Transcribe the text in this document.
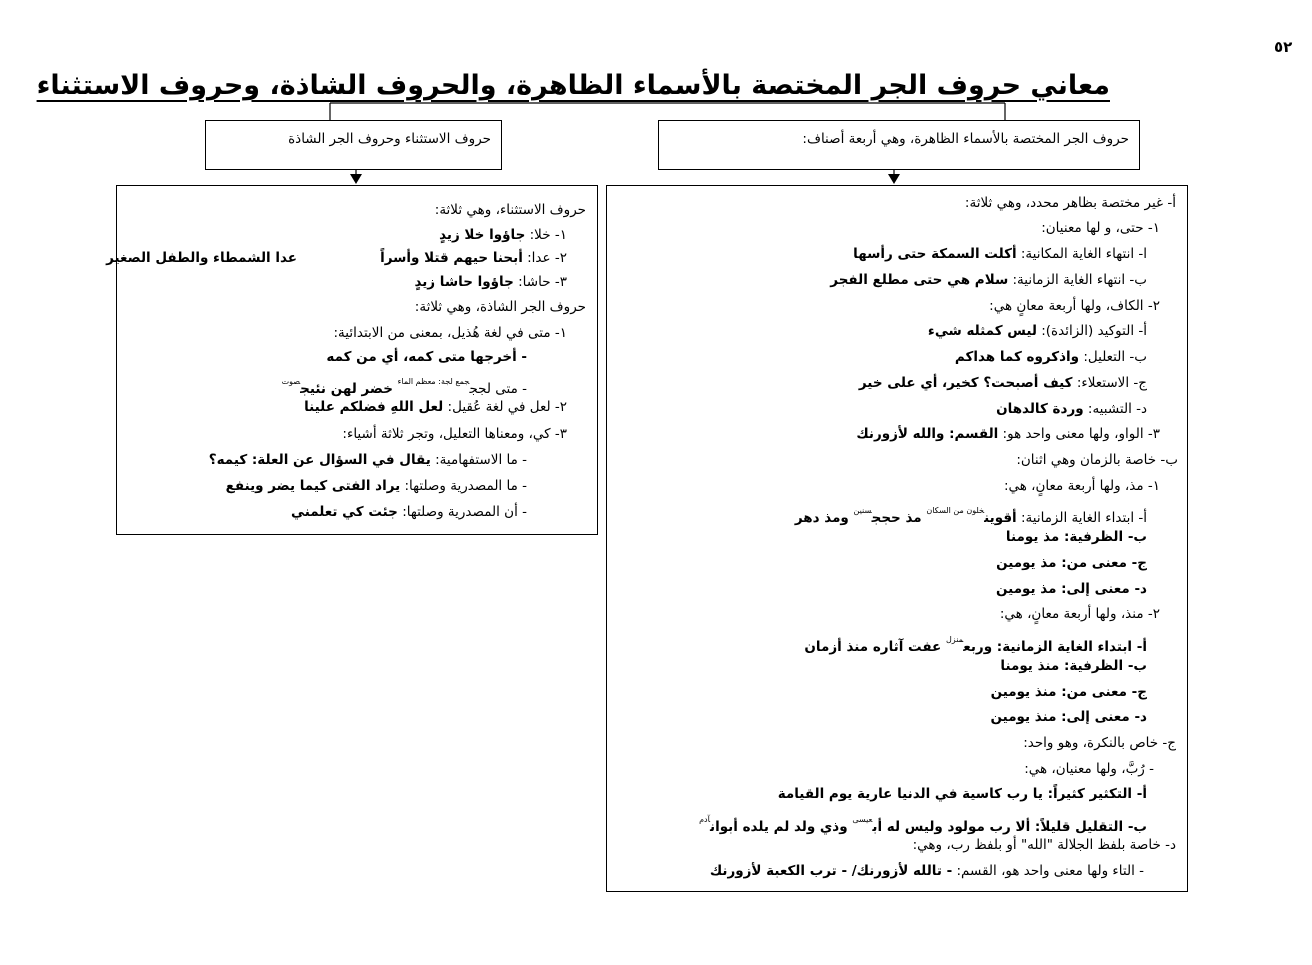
٥٢
معاني حروف الجر المختصة بالأسماء الظاهرة، والحروف الشاذة، وحروف الاستثناء
حروف الجر المختصة بالأسماء الظاهرة، وهي أربعة أصناف:
حروف الاستثناء وحروف الجر الشاذة
أ- غير مختصة بظاهر محدد، وهي ثلاثة:
١- حتى، و لها معنيان:
ا- انتهاء الغاية المكانية: أكلت السمكة حتى رأسها
ب- انتهاء الغاية الزمانية: سلام هي حتى مطلع الفجر
٢- الكاف، ولها أربعة معانٍ هي:
أ- التوكيد (الزائدة): ليس كمثله شيء
ب- التعليل: واذكروه كما هداكم
ج- الاستعلاء: كيف أصبحت؟ كخير، أي على خير
د- التشبيه: وردة كالدهان
٣- الواو، ولها معنى واحد هو: القسم: والله لأزورنك
ب- خاصة بالزمان وهي اثنان:
١- مذ، ولها أربعة معانٍ، هي:
أ- ابتداء الغاية الزمانية: أقوين$^{خلون من السكان}$ مذ حجج$^{سنين}$ ومذ دهر
ب- الظرفية: مذ يومنا
ج- معنى من: مذ يومين
د- معنى إلى: مذ يومين
٢- منذ، ولها أربعة معانٍ، هي:
أ- ابتداء الغاية الزمانية: وربع$^{منزل}$ عفت آثاره منذ أزمان
ب- الظرفية: منذ يومنا
ج- معنى من: منذ يومين
د- معنى إلى: منذ يومين
ج- خاص بالنكرة، وهو واحد:
- رُبَّ، ولها معنيان، هي:
أ- التكثير كثيراً: يا رب كاسية في الدنيا عارية يوم القيامة
ب- التقليل قليلاً: ألا رب مولود وليس له أب$^{عيسى}$ وذي ولد لم يلده أبوان$^{آدم}$
د- خاصة بلفظ الجلالة "الله" أو بلفظ رب، وهي:
- التاء ولها معنى واحد هو، القسم: - تالله لأزورنك/ - ترب الكعبة لأزورنك
حروف الاستثناء، وهي ثلاثة:
١- خلا: جاؤوا خلا زيدٍ
٢- عدا: أبحنا حيهم قتلا وأسراً
عدا الشمطاء والطفل الصغير
٣- حاشا: جاؤوا حاشا زيدٍ
حروف الجر الشاذة، وهي ثلاثة:
١- متى في لغة هُذيل، بمعنى من الابتدائية:
- أخرجها متى كمه، أي من كمه
- متى لجج$^{جمع لجة: معظم الماء}$ خضر لهن نئيج$^{صوت}$
٢- لعل في لغة عُقيل: لعل اللهِ فضلكم علينا
٣- كي، ومعناها التعليل، وتجر ثلاثة أشياء:
- ما الاستفهامية: يقال في السؤال عن العلة: كيمه؟
- ما المصدرية وصلتها: يراد الفتى كيما يضر وينفع
- أن المصدرية وصلتها: جئت كي تعلمني
